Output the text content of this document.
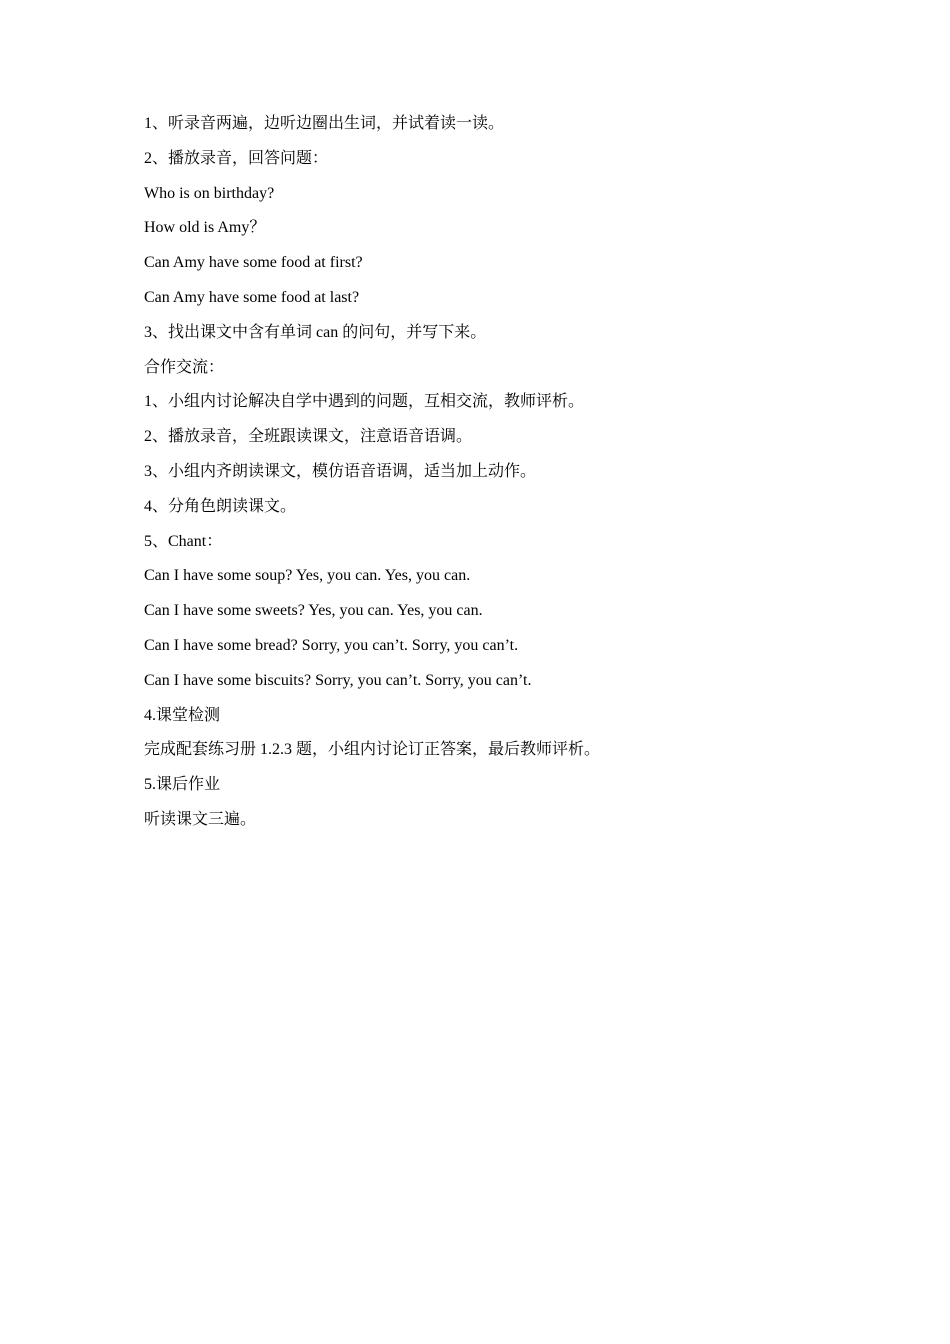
1、听录音两遍，边听边圈出生词，并试着读一读。
2、播放录音，回答问题：
Who is on birthday?
How old is Amy？
Can Amy have some food at first?
Can Amy have some food at last?
3、找出课文中含有单词 can 的问句，并写下来。
合作交流：
1、小组内讨论解决自学中遇到的问题，互相交流，教师评析。
2、播放录音，全班跟读课文，注意语音语调。
3、小组内齐朗读课文，模仿语音语调，适当加上动作。
4、分角色朗读课文。
5、Chant：
Can I have some soup? Yes, you can. Yes, you can.
Can I have some sweets? Yes, you can. Yes, you can.
Can I have some bread? Sorry, you can’t. Sorry, you can’t.
Can I have some biscuits? Sorry, you can’t. Sorry, you can’t.
4.课堂检测
完成配套练习册 1.2.3 题，小组内讨论订正答案，最后教师评析。
5.课后作业
听读课文三遍。
